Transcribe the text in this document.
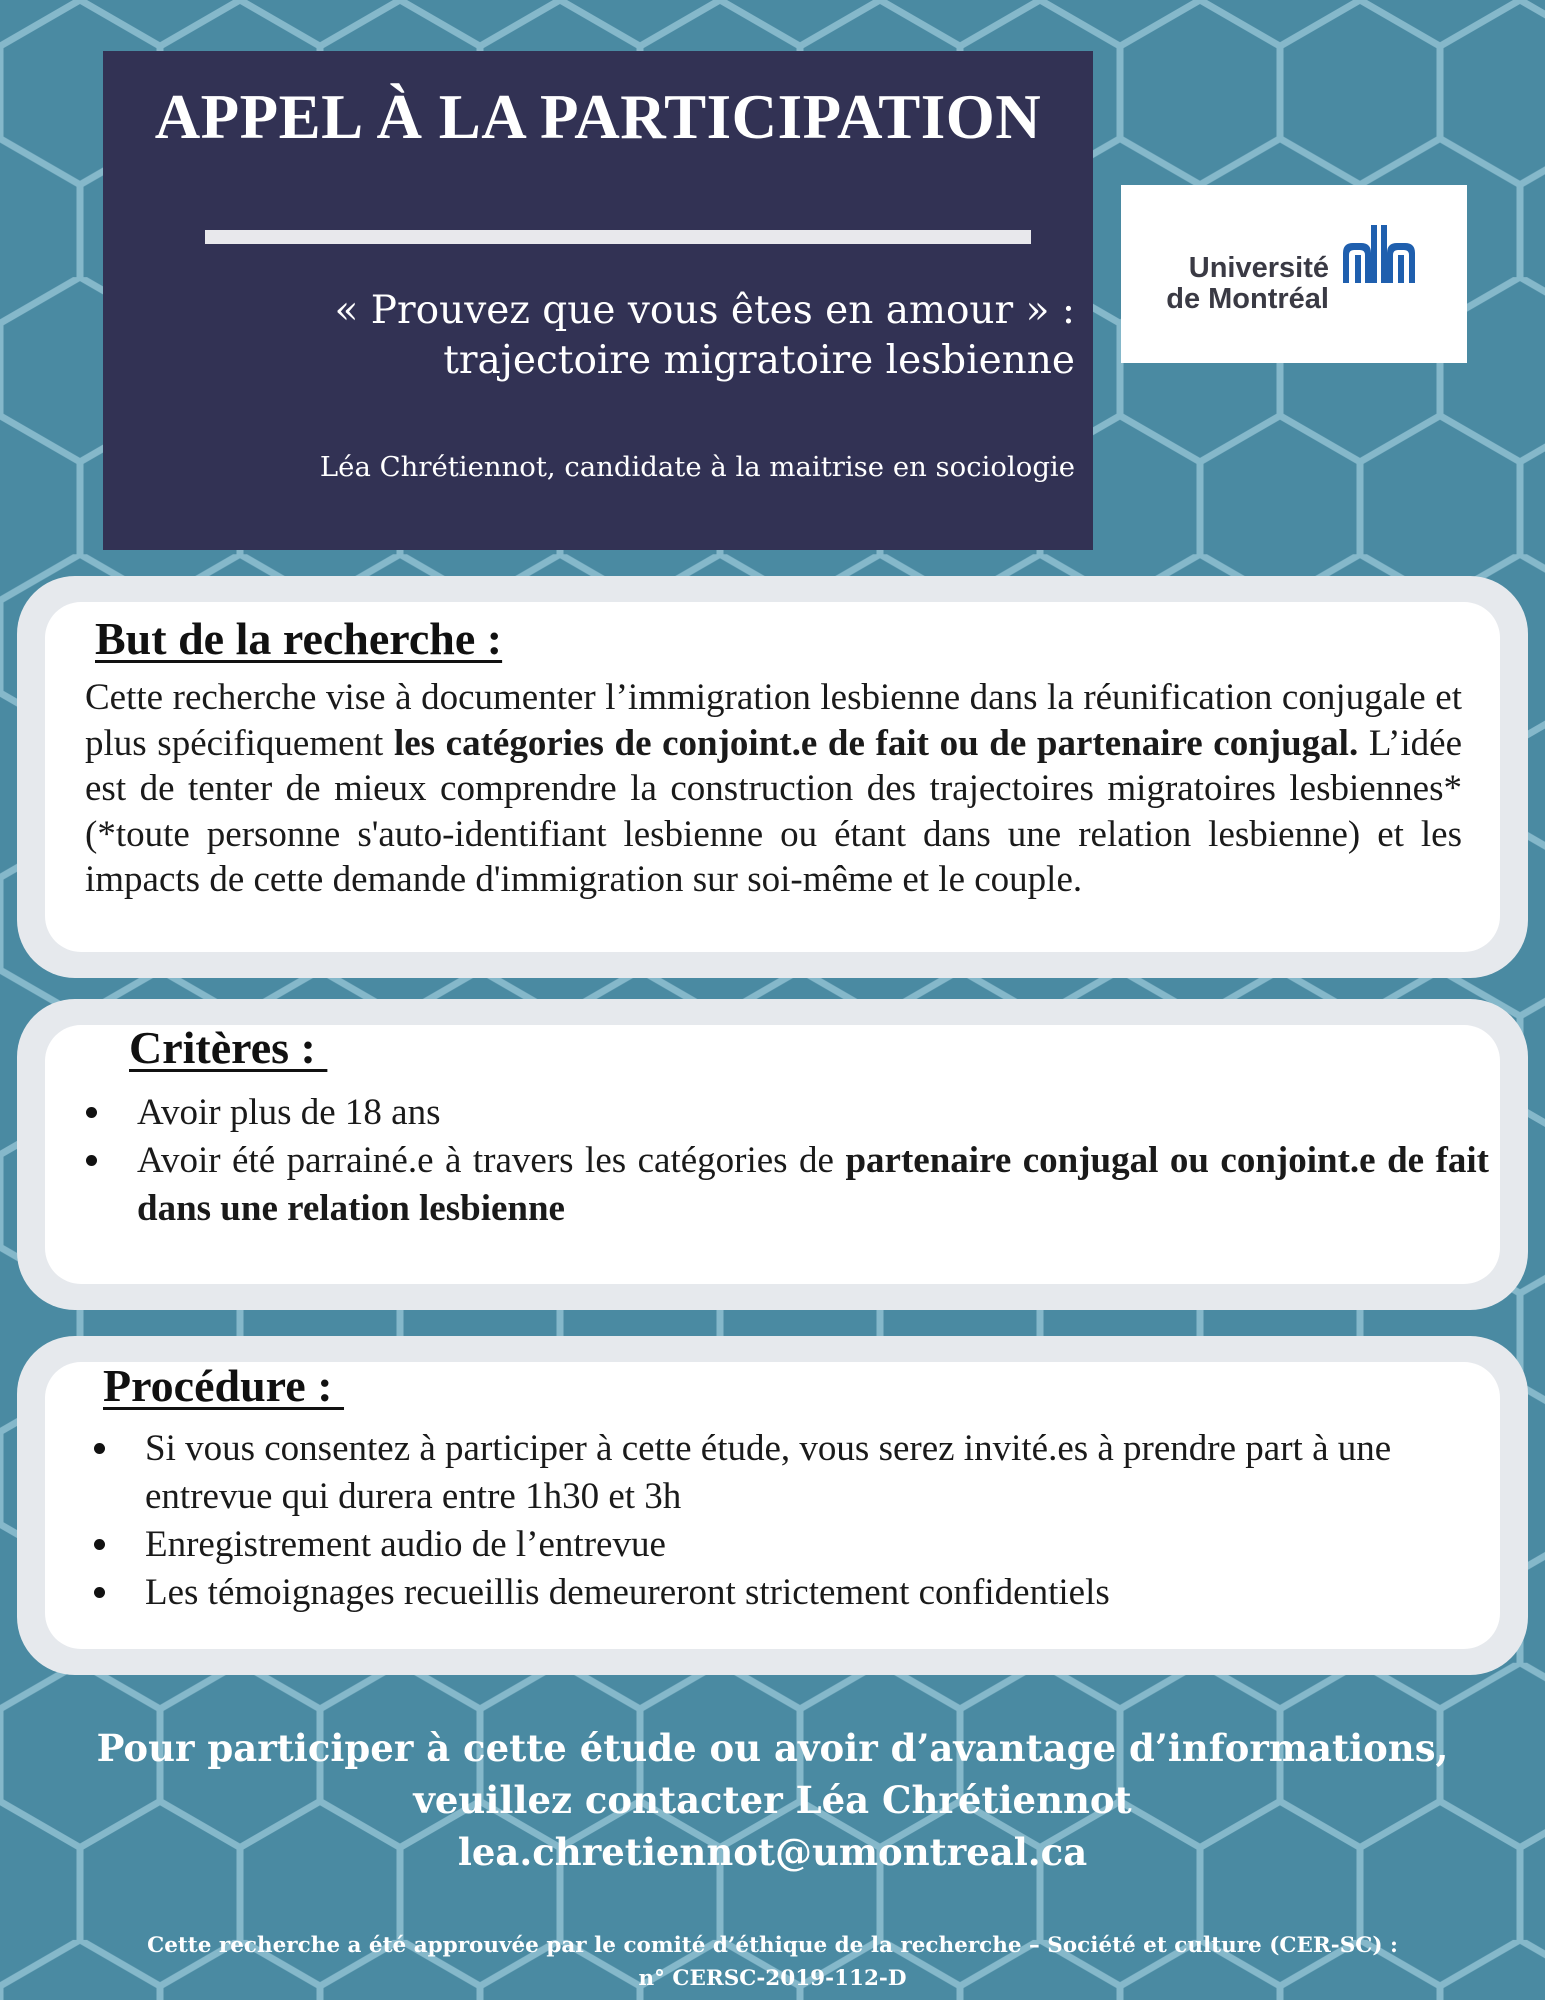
APPEL À LA PARTICIPATION
« Prouvez que vous êtes en amour » :
trajectoire migratoire lesbienne
Léa Chrétiennot, candidate à la maitrise en sociologie
Université
de Montréal
But de la recherche :
Cette recherche vise à documenter l’immigration lesbienne dans la réunification conjugale et plus spécifiquement les catégories de conjoint.e de fait ou de partenaire conjugal. L’idée est de tenter de mieux comprendre la construction des trajectoires migratoires lesbiennes* (*toute personne s'auto-identifiant lesbienne ou étant dans une relation lesbienne) et les impacts de cette demande d'immigration sur soi-même et le couple.
Critères :
Avoir plus de 18 ans
Avoir été parrainé.e à travers les catégories de partenaire conjugal ou conjoint.e de fait dans une relation lesbienne
Procédure :
Si vous consentez à participer à cette étude, vous serez invité.es à prendre part à une entrevue qui durera entre 1h30 et 3h
Enregistrement audio de l’entrevue
Les témoignages recueillis demeureront strictement confidentiels
Pour participer à cette étude ou avoir d’avantage d’informations,
veuillez contacter Léa Chrétiennot
lea.chretiennot@umontreal.ca
Cette recherche a été approuvée par le comité d’éthique de la recherche – Société et culture (CER-SC) :
n° CERSC-2019-112-D
